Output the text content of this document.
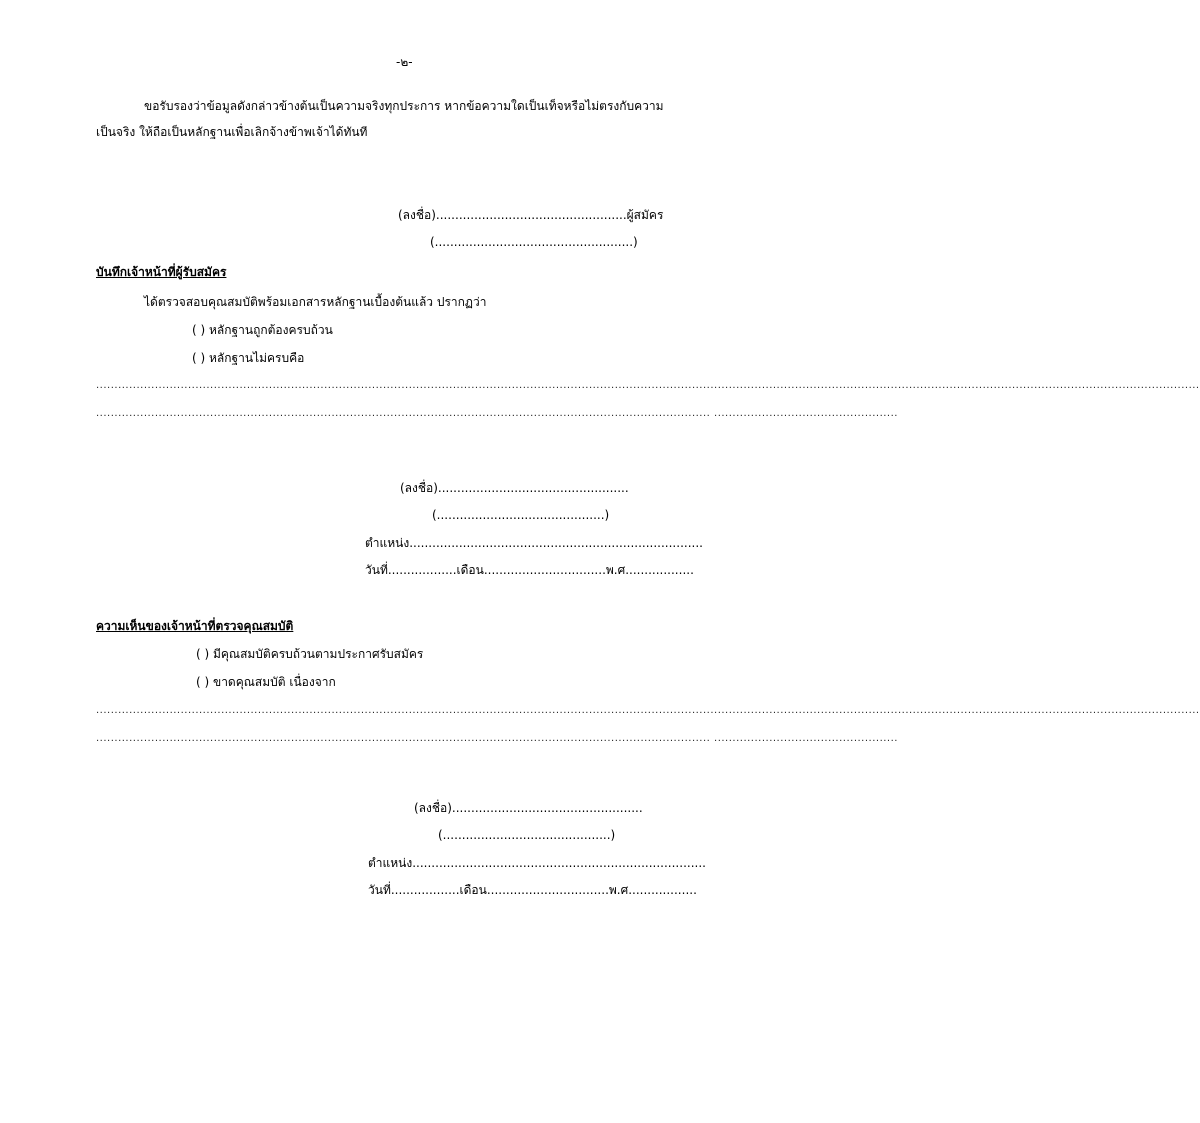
-๒-
ขอรับรองว่าข้อมูลดังกล่าวข้างต้นเป็นความจริงทุกประการ หากข้อความใดเป็นเท็จหรือไม่ตรงกับความ
เป็นจริง ให้ถือเป็นหลักฐานเพื่อเลิกจ้างข้าพเจ้าได้ทันที
(ลงชื่อ)..................................................ผู้สมัคร
(....................................................)
บันทึกเจ้าหน้าที่ผู้รับสมัคร
ได้ตรวจสอบคุณสมบัติพร้อมเอกสารหลักฐานเบื้องต้นแล้ว ปรากฏว่า
( ) หลักฐานถูกต้องครบถ้วน
( ) หลักฐานไม่ครบคือ
............................................................................................................................................................................................................................................................................................................
....................................................................................................................................................................... ..................................................
(ลงชื่อ)..................................................
(............................................)
ตำแหน่ง.............................................................................
วันที่..................เดือน................................พ.ศ..................
ความเห็นของเจ้าหน้าที่ตรวจคุณสมบัติ
( ) มีคุณสมบัติครบถ้วนตามประกาศรับสมัคร
( ) ขาดคุณสมบัติ เนื่องจาก
............................................................................................................................................................................................................................................................................................................
....................................................................................................................................................................... ..................................................
(ลงชื่อ)..................................................
(............................................)
ตำแหน่ง.............................................................................
วันที่..................เดือน................................พ.ศ..................
